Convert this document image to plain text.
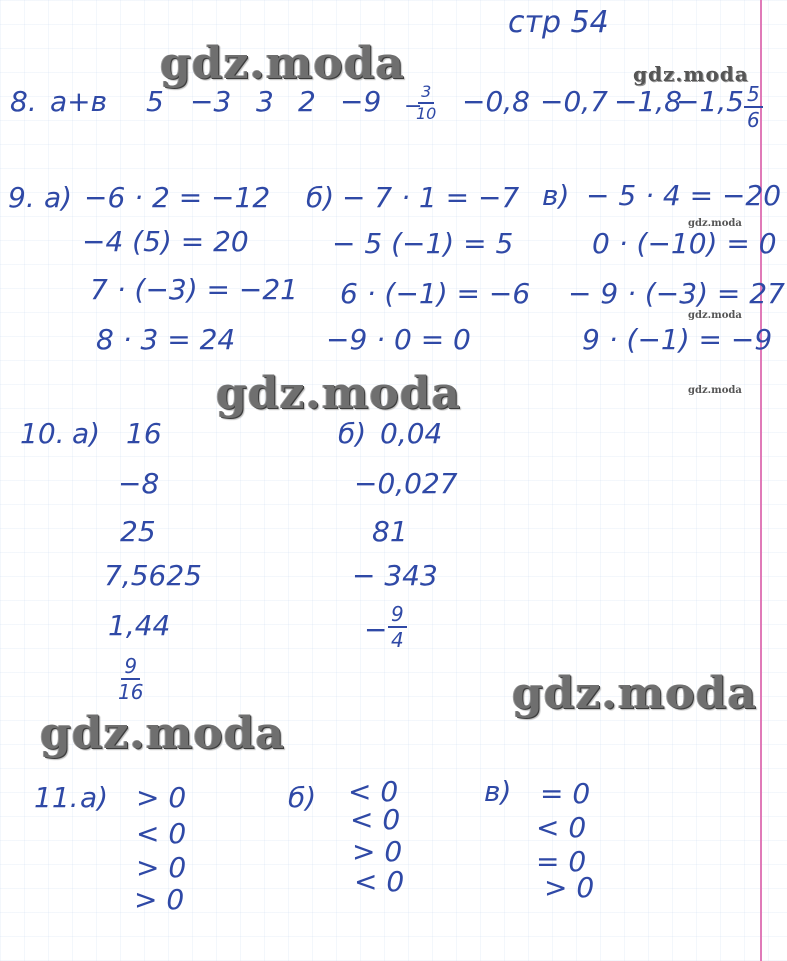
стр 54
gdz.moda	gdz.moda
gdz.moda
gdz.moda
gdz.moda	gdz.moda
gdz.moda
gdz.moda
8. a+в 5 −3 3 2 −9 −
$\frac{3}{10} -0,8 -0,7 -1,8$
$-1,5 \frac{5}{6}$
9. а) −6 · 2 = −12
−4 (5) = 20
7 · (−3) = −21
8 · 3 = 24
б) − 7 · 1 = −7
− 5 (−1) = 5
6 · (−1) = −6
−9 · 0 = 0
в) − 5 · 4 = −20
0 · (−10) = 0
− 9 · (−3) = 27
9 · (−1) = −9
10. а) 16
−8
25
7,5625
1,44
$\frac{9}{16}$
б) 0,04
−0,027
81
− 343
− $\frac{9}{4}$
11. а) > 0
< 0
> 0
> 0
б) < 0
< 0
> 0
< 0
в) = 0
< 0
= 0
> 0
